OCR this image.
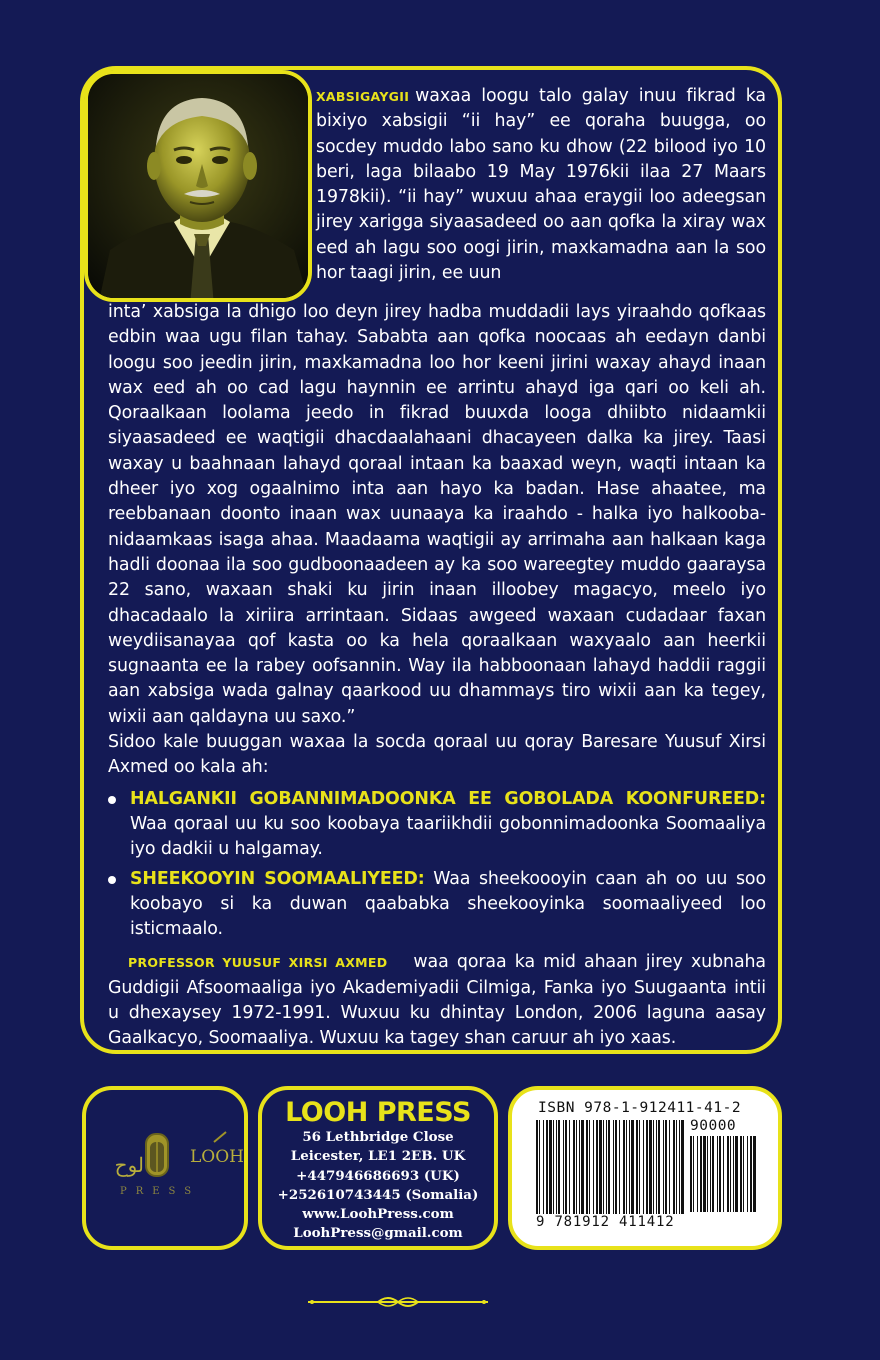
XABSIGAYGII waxaa loogu talo galay inuu fikrad ka bixiyo xabsigii “ii hay” ee qoraha buugga, oo socdey muddo labo sano ku dhow (22 bilood iyo 10 beri, laga bilaabo 19 May 1976kii ilaa 27 Maars 1978kii). “ii hay” wuxuu ahaa eraygii loo adeegsan jirey xarigga siyaasadeed oo aan qofka la xiray wax eed ah lagu soo oogi jirin, maxkamadna aan la soo hor taagi jirin, ee uun

inta’ xabsiga la dhigo loo deyn jirey hadba muddadii lays yiraahdo qofkaas edbin waa ugu filan tahay. Sababta aan qofka noocaas ah eedayn danbi loogu soo jeedin jirin, maxkamadna loo hor keeni jirini waxay ahayd inaan wax eed ah oo cad lagu haynnin ee arrintu ahayd iga qari oo keli ah. Qoraalkaan loolama jeedo in fikrad buuxda looga dhiibto nidaamkii siyaasadeed ee waqtigii dhacdaalahaani dhacayeen dalka ka jirey. Taasi waxay u baahnaan lahayd qoraal intaan ka baaxad weyn, waqti intaan ka dheer iyo xog ogaalnimo inta aan hayo ka badan. Hase ahaatee, ma reebbanaan doonto inaan wax uunaaya ka iraahdo - halka iyo halkooba- nidaamkaas isaga ahaa. Maadaama waqtigii ay arrimaha aan halkaan kaga hadli doonaa ila soo gudboonaadeen ay ka soo wareegtey muddo gaaraysa 22 sano, waxaan shaki ku jirin inaan illoobey magacyo, meelo iyo dhacadaalo la xiriira arrintaan. Sidaas awgeed waxaan cudadaar faxan weydiisanayaa qof kasta oo ka hela qoraalkaan waxyaalo aan heerkii sugnaanta ee la rabey oofsannin. Way ila habboonaan lahayd haddii raggii aan xabsiga wada galnay qaarkood uu dhammays tiro wixii aan ka tegey, wixii aan qaldayna uu saxo.”

Sidoo kale buuggan waxaa la socda qoraal uu qoray Baresare Yuusuf Xirsi Axmed oo kala ah:

HALGANKII GOBANNIMADOONKA EE GOBOLADA KOONFUREED: Waa qoraal uu ku soo koobaya taariikhdii gobonnimadoonka Soomaaliya iyo dadkii u halgamay.
SHEEKOOYIN SOOMAALIYEED: Waa sheekoooyin caan ah oo uu soo koobayo si ka duwan qaababka sheekooyinka soomaaliyeed loo isticmaalo.

PROFESSOR YUUSUF XIRSI AXMED waa qoraa ka mid ahaan jirey xubnaha Guddigii Afsoomaaliga iyo Akademiyadii Cilmiga, Fanka iyo Suugaanta intii u dhexaysey 1972-1991. Wuxuu ku dhintay London, 2006 laguna aasay Gaalkacyo, Soomaaliya. Wuxuu ka tagey shan caruur ah iyo xaas.

LOOH
لوح
PRESS
LOOH PRESS
56 Lethbridge Close
Leicester, LE1 2EB. UK
+447946686693 (UK)
+252610743445 (Somalia)
www.LoohPress.com
LoohPress@gmail.com
ISBN 978-1-912411-41-2
90000
9 781912 411412
